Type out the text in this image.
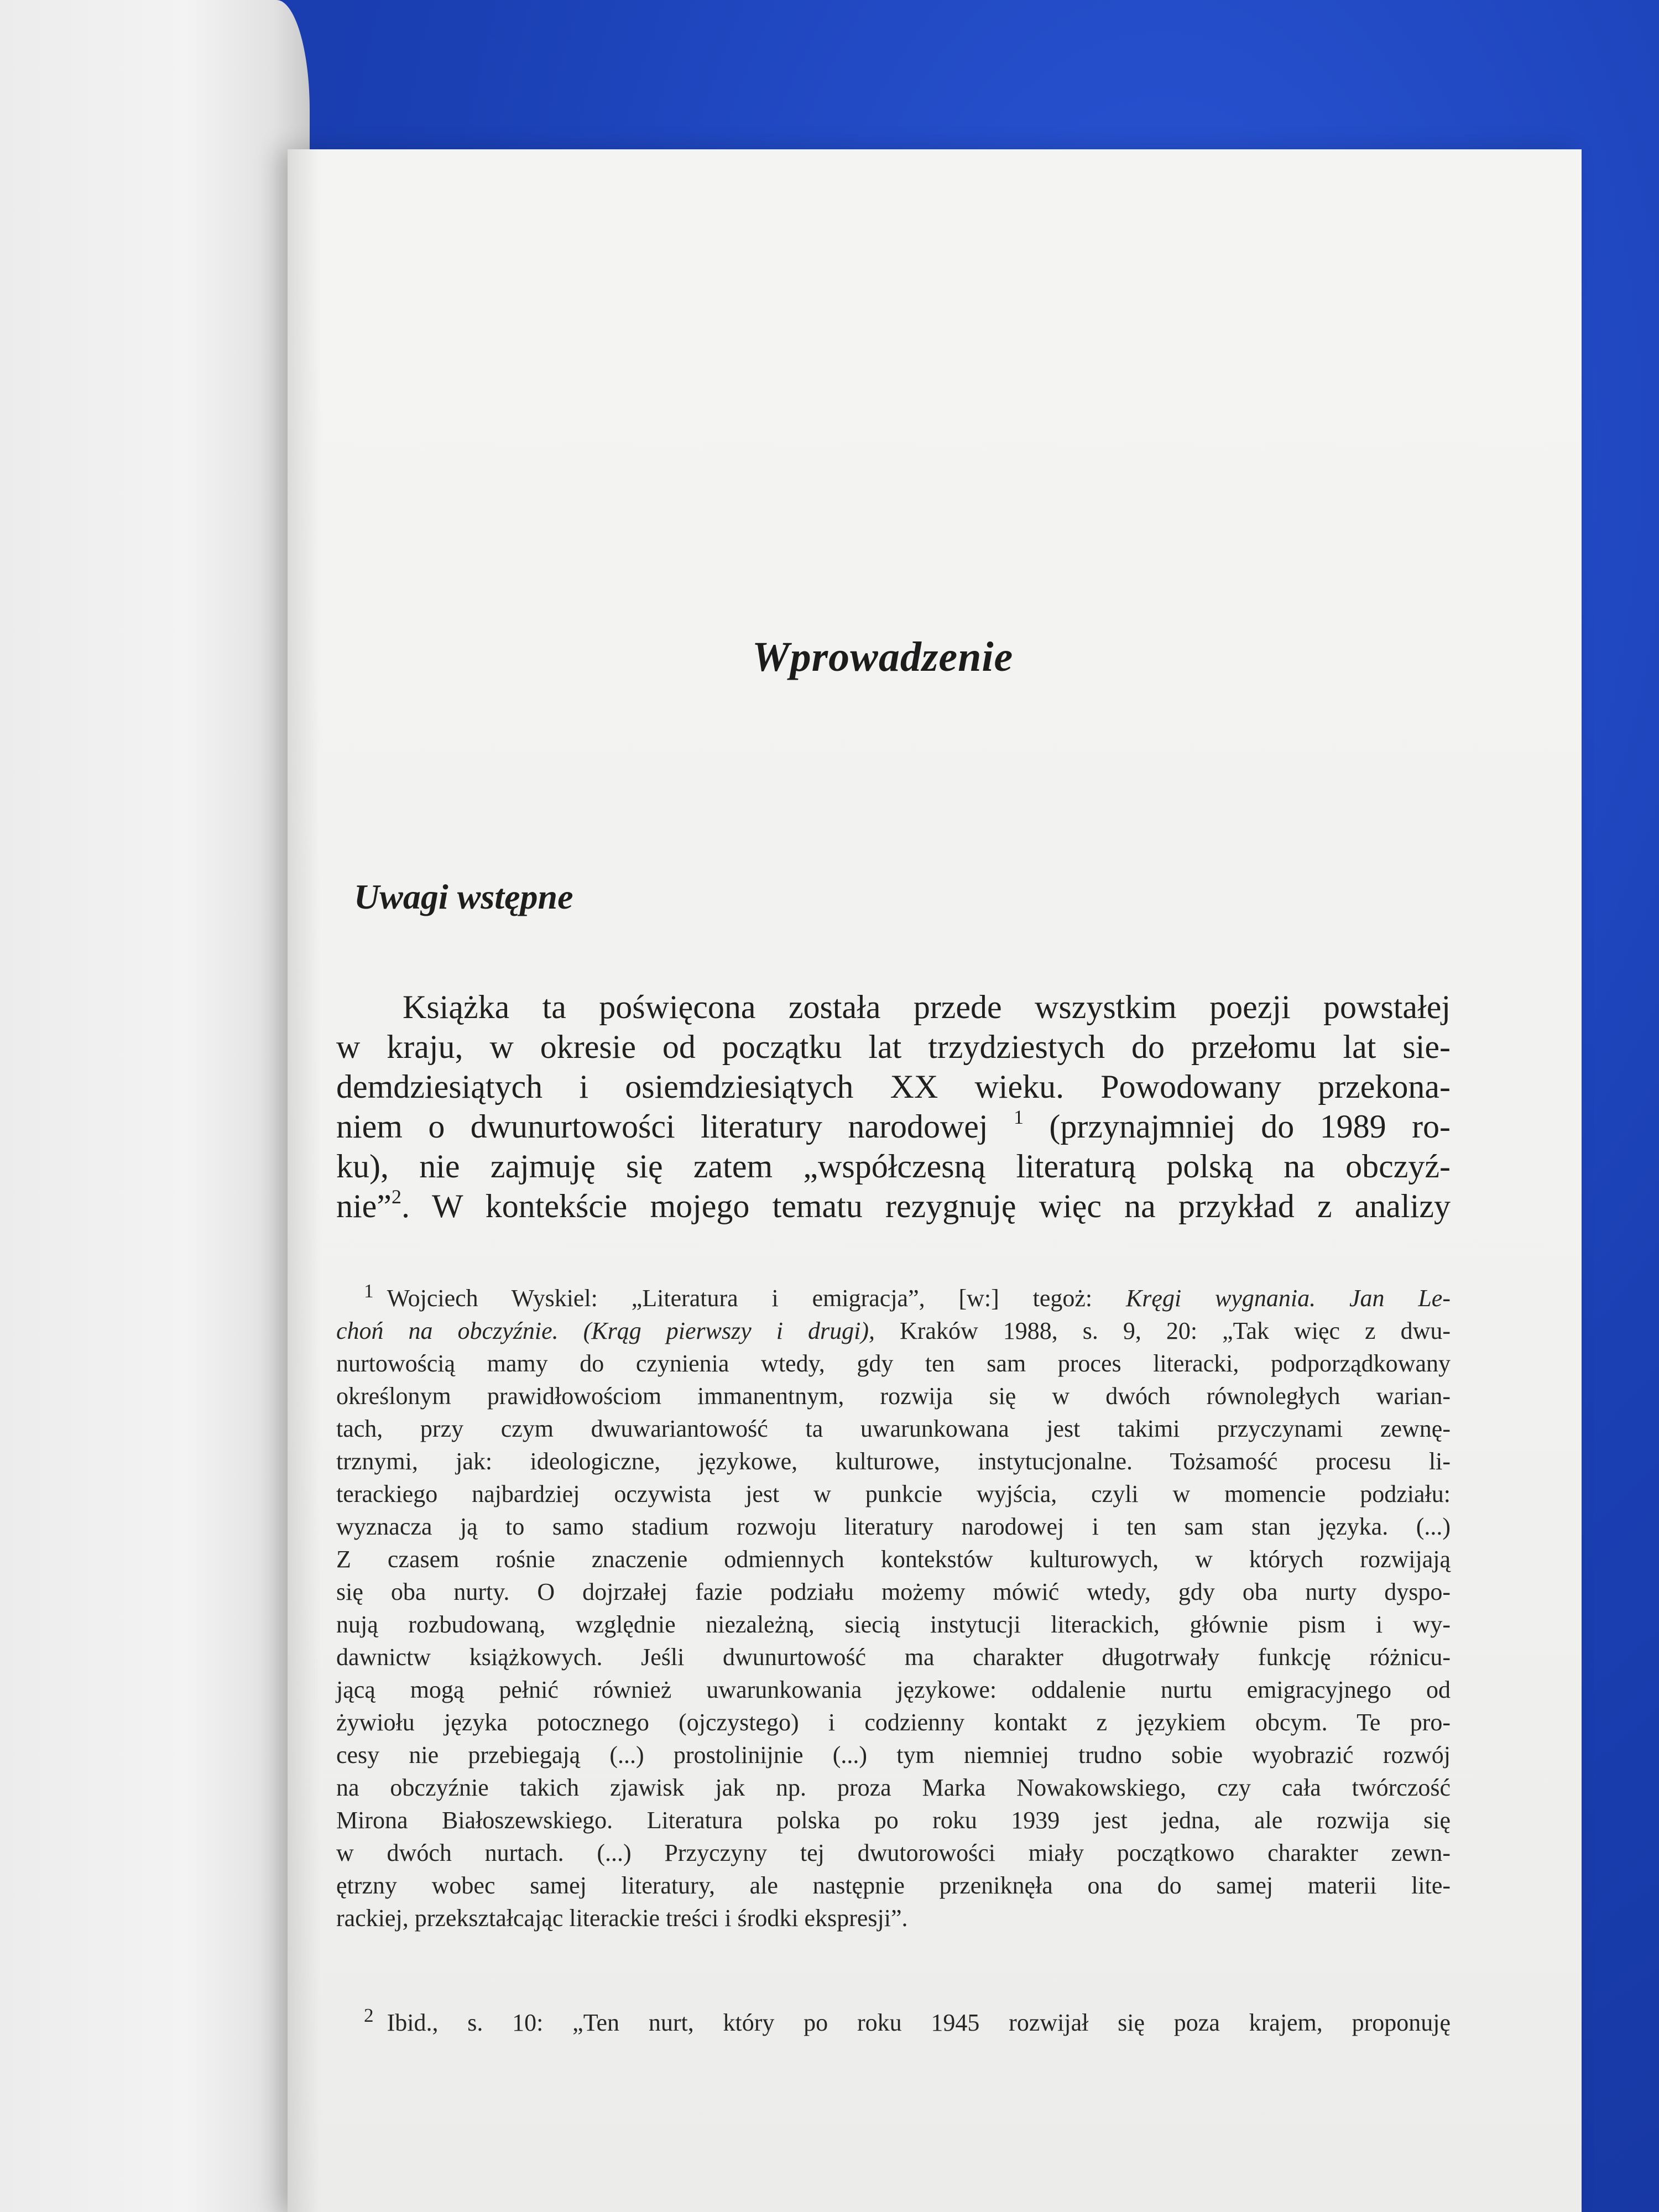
Wprowadzenie
Uwagi wstępne
Książka ta poświęcona została przede wszystkim poezji powstałej
w kraju, w okresie od początku lat trzydziestych do przełomu lat sie-
demdziesiątych i osiemdziesiątych XX wieku. Powodowany przekona-
niem o dwunurtowości literatury narodowej $^1$ (przynajmniej do 1989 ro-
ku), nie zajmuję się zatem „współczesną literaturą polską na obczyź-
nie”$^2$. W kontekście mojego tematu rezygnuję więc na przykład z analizy
$^1$ Wojciech Wyskiel: „Literatura i emigracja”, [w:] tegoż: Kręgi wygnania. Jan Le-
choń na obczyźnie. (Krąg pierwszy i drugi), Kraków 1988, s. 9, 20: „Tak więc z dwu-
nurtowością mamy do czynienia wtedy, gdy ten sam proces literacki, podporządkowany
określonym prawidłowościom immanentnym, rozwija się w dwóch równoległych warian-
tach, przy czym dwuwariantowość ta uwarunkowana jest takimi przyczynami zewnę-
trznymi, jak: ideologiczne, językowe, kulturowe, instytucjonalne. Tożsamość procesu li-
terackiego najbardziej oczywista jest w punkcie wyjścia, czyli w momencie podziału:
wyznacza ją to samo stadium rozwoju literatury narodowej i ten sam stan języka. (...)
Z czasem rośnie znaczenie odmiennych kontekstów kulturowych, w których rozwijają
się oba nurty. O dojrzałej fazie podziału możemy mówić wtedy, gdy oba nurty dyspo-
nują rozbudowaną, względnie niezależną, siecią instytucji literackich, głównie pism i wy-
dawnictw książkowych. Jeśli dwunurtowość ma charakter długotrwały funkcję różnicu-
jącą mogą pełnić również uwarunkowania językowe: oddalenie nurtu emigracyjnego od
żywiołu języka potocznego (ojczystego) i codzienny kontakt z językiem obcym. Te pro-
cesy nie przebiegają (...) prostolinijnie (...) tym niemniej trudno sobie wyobrazić rozwój
na obczyźnie takich zjawisk jak np. proza Marka Nowakowskiego, czy cała twórczość
Mirona Białoszewskiego. Literatura polska po roku 1939 jest jedna, ale rozwija się
w dwóch nurtach. (...) Przyczyny tej dwutorowości miały początkowo charakter zewn-
ętrzny wobec samej literatury, ale następnie przeniknęła ona do samej materii lite-
rackiej, przekształcając literackie treści i środki ekspresji”.
$^2$ Ibid., s. 10: „Ten nurt, który po roku 1945 rozwijał się poza krajem, proponuję
